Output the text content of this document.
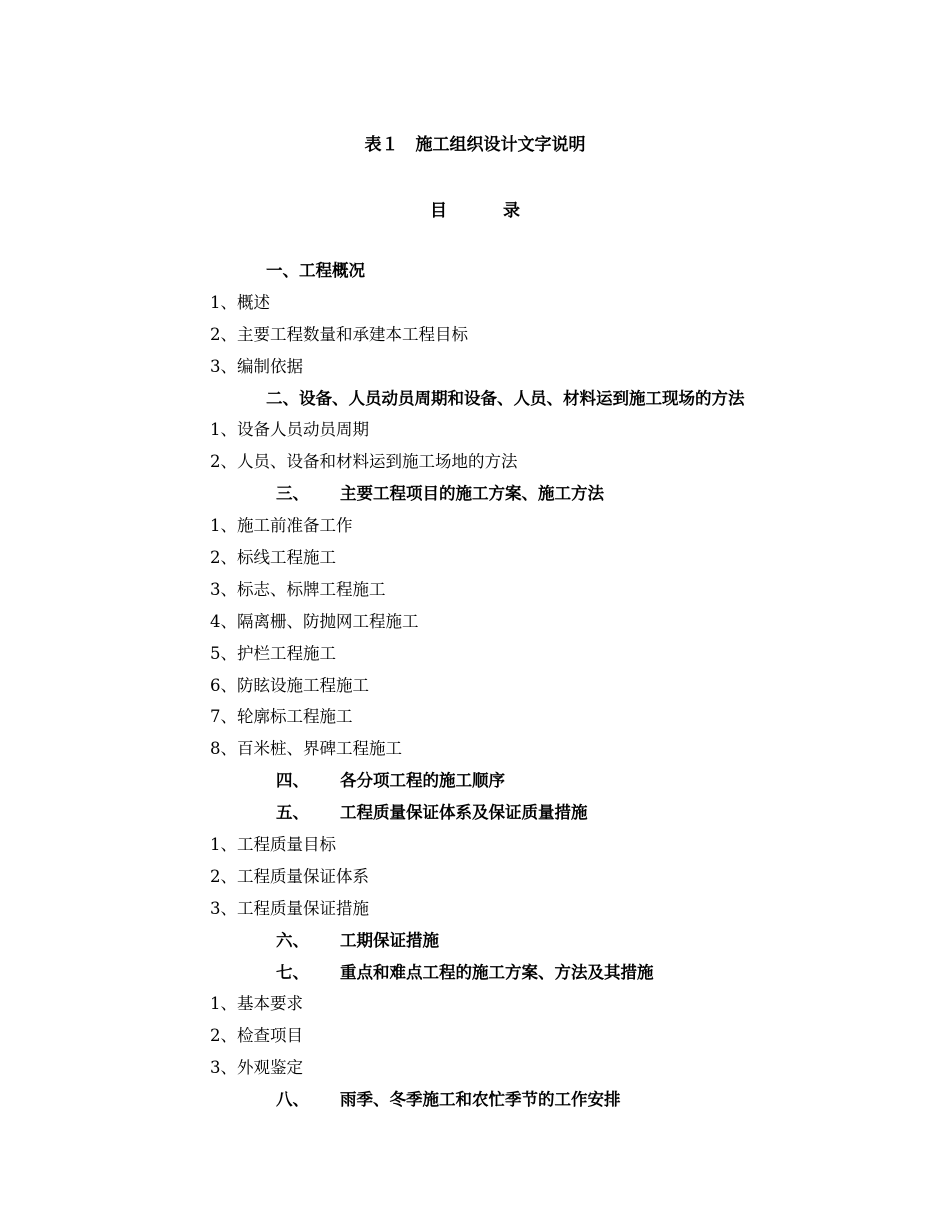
表１　施工组织设计文字说明
目	录
一、工程概况
1、概述
2、主要工程数量和承建本工程目标
3、编制依据
二、设备、人员动员周期和设备、人员、材料运到施工现场的方法
1、设备人员动员周期
2、人员、设备和材料运到施工场地的方法
三、 主要工程项目的施工方案、施工方法
1、施工前准备工作
2、标线工程施工
3、标志、标牌工程施工
4、隔离栅、防抛网工程施工
5、护栏工程施工
6、防眩设施工程施工
7、轮廓标工程施工
8、百米桩、界碑工程施工
四、 各分项工程的施工顺序
五、 工程质量保证体系及保证质量措施
1、工程质量目标
2、工程质量保证体系
3、工程质量保证措施
六、 工期保证措施
七、 重点和难点工程的施工方案、方法及其措施
1、基本要求
2、检查项目
3、外观鉴定
八、 雨季、冬季施工和农忙季节的工作安排
